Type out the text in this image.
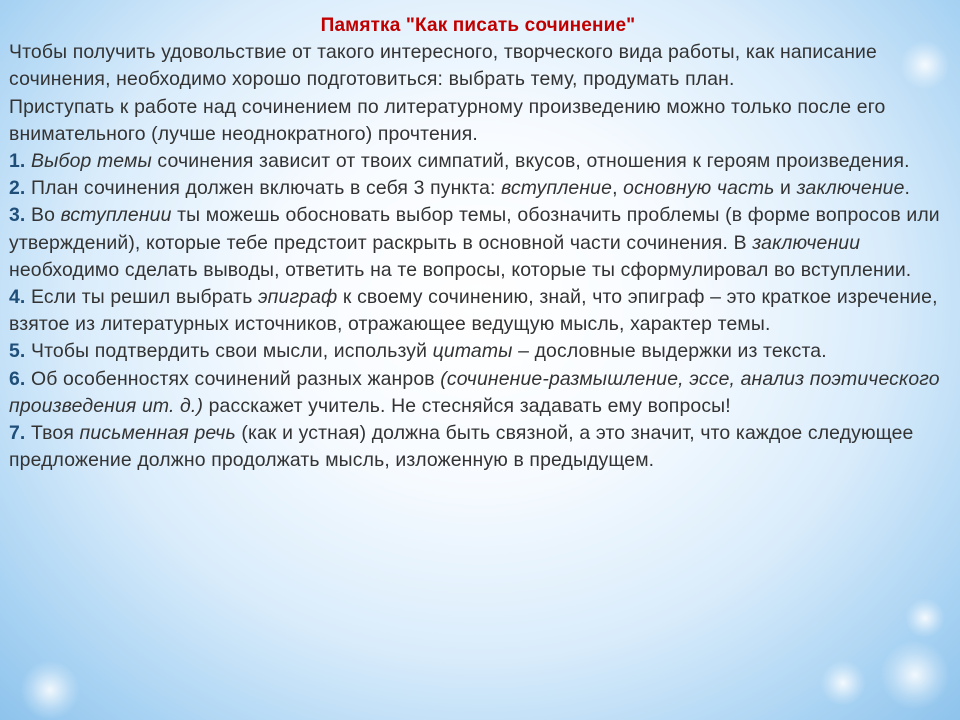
Памятка "Как писать сочинение"

Чтобы получить удовольствие от такого интересного, творческого вида работы, как написание сочинения, необходимо хорошо подготовиться: выбрать тему, продумать план.

Приступать к работе над сочинением по литературному произведению можно только после его внимательного (лучше неоднократного) прочтения.

1. Выбор темы сочинения зависит от твоих симпатий, вкусов, отношения к героям произведения.

2. План сочинения должен включать в себя 3 пункта: вступление, основную часть и заключение.

3. Во вступлении ты можешь обосновать выбор темы, обозначить проблемы (в форме вопросов или утверждений), которые тебе предстоит раскрыть в основной части сочинения. В заключении необходимо сделать выводы, ответить на те вопросы, которые ты сформулировал во вступлении.

4. Если ты решил выбрать эпиграф к своему сочинению, знай, что эпиграф – это краткое изречение, взятое из литературных источников, отражающее ведущую мысль, характер темы.

5. Чтобы подтвердить свои мысли, используй цитаты – дословные выдержки из текста.

6. Об особенностях сочинений разных жанров (сочинение-размышление, эссе, анализ поэтического произведения ит. д.) расскажет учитель. Не стесняйся задавать ему вопросы!

7. Твоя письменная речь (как и устная) должна быть связной, а это значит, что каждое следующее предложение должно продолжать мысль, изложенную в предыдущем.
